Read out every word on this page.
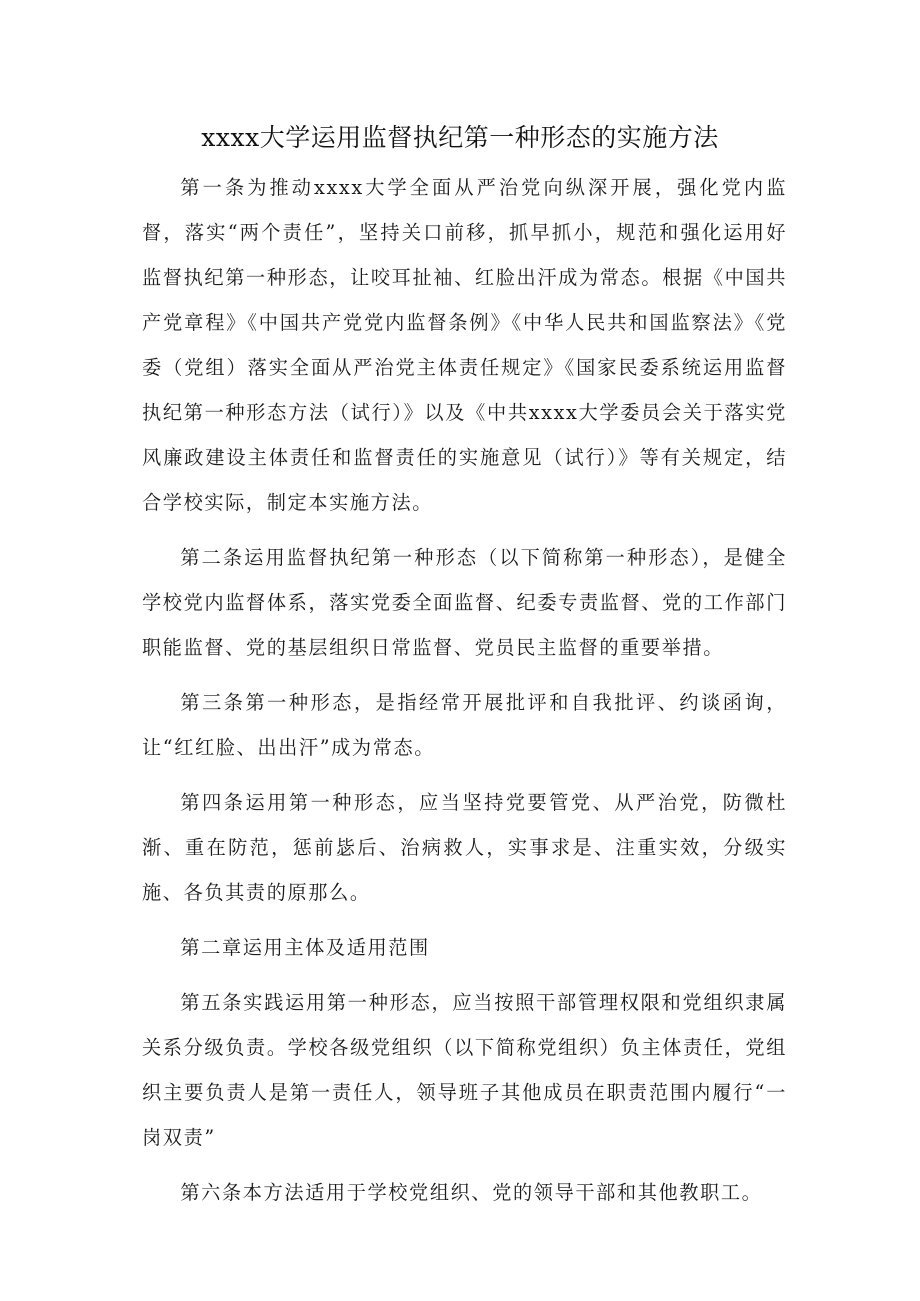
xxxx大学运用监督执纪第一种形态的实施方法

第一条为推动xxxx大学全面从严治党向纵深开展，强化党内监督，落实“两个责任”，坚持关口前移，抓早抓小，规范和强化运用好监督执纪第一种形态，让咬耳扯袖、红脸出汗成为常态。根据《中国共产党章程》《中国共产党党内监督条例》《中华人民共和国监察法》《党委（党组）落实全面从严治党主体责任规定》《国家民委系统运用监督执纪第一种形态方法（试行）》以及《中共xxxx大学委员会关于落实党风廉政建设主体责任和监督责任的实施意见（试行）》等有关规定，结合学校实际，制定本实施方法。

第二条运用监督执纪第一种形态（以下简称第一种形态），是健全学校党内监督体系，落实党委全面监督、纪委专责监督、党的工作部门职能监督、党的基层组织日常监督、党员民主监督的重要举措。

第三条第一种形态，是指经常开展批评和自我批评、约谈函询，让“红红脸、出出汗”成为常态。

第四条运用第一种形态，应当坚持党要管党、从严治党，防微杜渐、重在防范，惩前毖后、治病救人，实事求是、注重实效，分级实施、各负其责的原那么。

第二章运用主体及适用范围

第五条实践运用第一种形态，应当按照干部管理权限和党组织隶属关系分级负责。学校各级党组织（以下简称党组织）负主体责任，党组织主要负责人是第一责任人，领导班子其他成员在职责范围内履行“一岗双责”

第六条本方法适用于学校党组织、党的领导干部和其他教职工。
